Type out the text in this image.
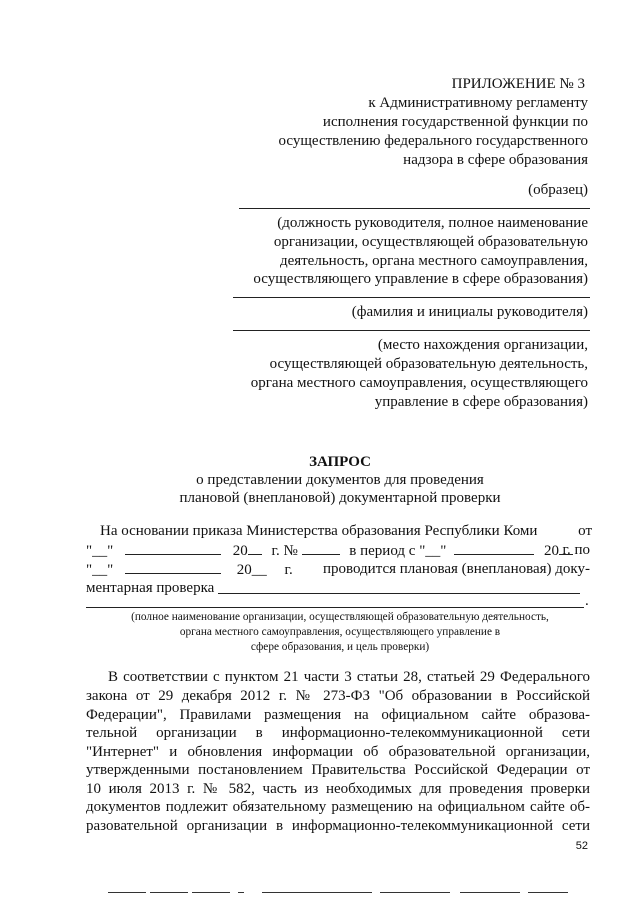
ПРИЛОЖЕНИЕ № 3

к Административному регламенту

исполнения государственной функции по

осуществлению федерального государственного

надзора в сфере образования

(образец)

(должность руководителя, полное наименование

организации, осуществляющей образовательную

деятельность, органа местного самоуправления,

осуществляющего управление в сфере образования)

(фамилия и инициалы руководителя)

(место нахождения организации,

осуществляющей образовательную деятельность,

органа местного самоуправления, осуществляющего

управление в сфере образования)

ЗАПРОС

о представлении документов для проведения

плановой (внеплановой) документарной проверки

На основании приказа Министерства образования Республики Коми	от
"__"	20 г. №	в период с "__"	20 г. по
"__"	20__ г. проводится плановая (внеплановая) доку-
ментарная проверка
.

(полное наименование организации, осуществляющей образовательную деятельность,

органа местного самоуправления, осуществляющего управление в

сфере образования, и цель проверки)

В соответствии с пунктом 21 части 3 статьи 28, статьей 29 Федерального

закона от 29 декабря 2012 г. № 273-ФЗ "Об образовании в Российской

Федерации", Правилами размещения на официальном сайте образова-

тельной организации в информационно-телекоммуникационной сети

"Интернет" и обновления информации об образовательной организации,

утвержденными постановлением Правительства Российской Федерации от

10 июля 2013 г. № 582, часть из необходимых для проведения проверки

документов подлежит обязательному размещению на официальном сайте об-

разовательной организации в информационно-телекоммуникационной сети

52
